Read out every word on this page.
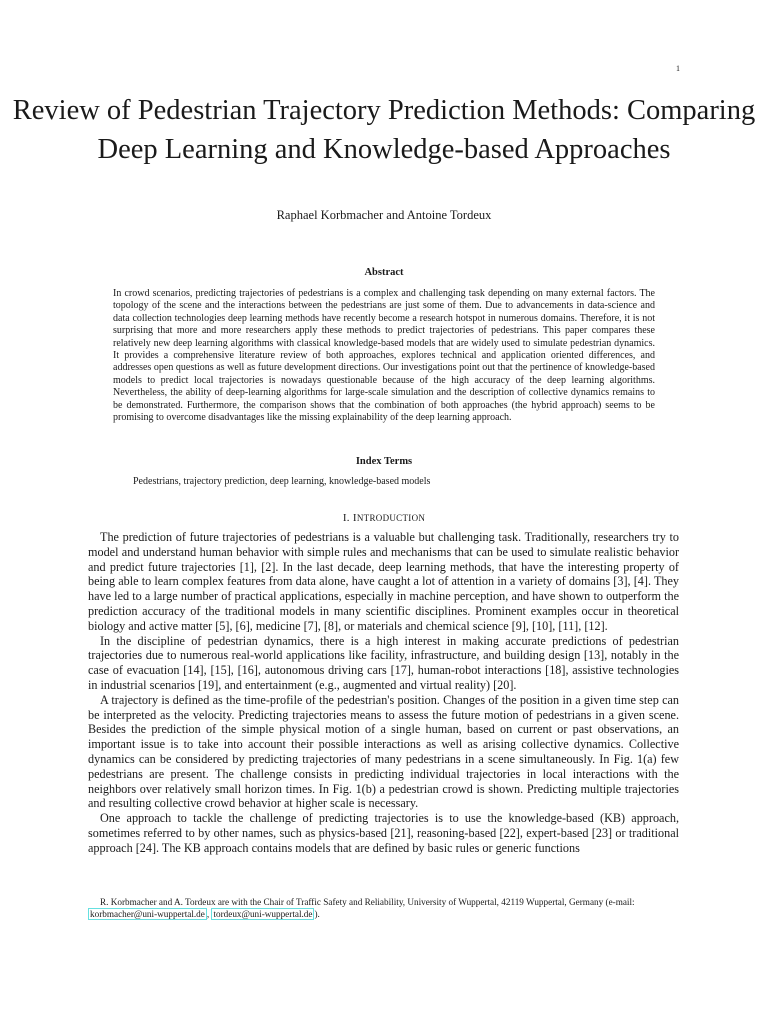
1
Review of Pedestrian Trajectory Prediction Methods: Comparing Deep Learning and Knowledge-based Approaches
Raphael Korbmacher and Antoine Tordeux
Abstract

In crowd scenarios, predicting trajectories of pedestrians is a complex and challenging task depending on many external factors. The topology of the scene and the interactions between the pedestrians are just some of them. Due to advancements in data-science and data collection technologies deep learning methods have recently become a research hotspot in numerous domains. Therefore, it is not surprising that more and more researchers apply these methods to predict trajectories of pedestrians. This paper compares these relatively new deep learning algorithms with classical knowledge-based models that are widely used to simulate pedestrian dynamics. It provides a comprehensive literature review of both approaches, explores technical and application oriented differences, and addresses open questions as well as future development directions. Our investigations point out that the pertinence of knowledge-based models to predict local trajectories is nowadays questionable because of the high accuracy of the deep learning algorithms. Nevertheless, the ability of deep-learning algorithms for large-scale simulation and the description of collective dynamics remains to be demonstrated. Furthermore, the comparison shows that the combination of both approaches (the hybrid approach) seems to be promising to overcome disadvantages like the missing explainability of the deep learning approach.

Index Terms

Pedestrians, trajectory prediction, deep learning, knowledge-based models

I. INTRODUCTION

The prediction of future trajectories of pedestrians is a valuable but challenging task. Traditionally, researchers try to model and understand human behavior with simple rules and mechanisms that can be used to simulate realistic behavior and predict future trajectories [1], [2]. In the last decade, deep learning methods, that have the interesting property of being able to learn complex features from data alone, have caught a lot of attention in a variety of domains [3], [4]. They have led to a large number of practical applications, especially in machine perception, and have shown to outperform the prediction accuracy of the traditional models in many scientific disciplines. Prominent examples occur in theoretical biology and active matter [5], [6], medicine [7], [8], or materials and chemical science [9], [10], [11], [12].

In the discipline of pedestrian dynamics, there is a high interest in making accurate predictions of pedestrian trajectories due to numerous real-world applications like facility, infrastructure, and building design [13], notably in the case of evacuation [14], [15], [16], autonomous driving cars [17], human-robot interactions [18], assistive technologies in industrial scenarios [19], and entertainment (e.g., augmented and virtual reality) [20].

A trajectory is defined as the time-profile of the pedestrian's position. Changes of the position in a given time step can be interpreted as the velocity. Predicting trajectories means to assess the future motion of pedestrians in a given scene. Besides the prediction of the simple physical motion of a single human, based on current or past observations, an important issue is to take into account their possible interactions as well as arising collective dynamics. Collective dynamics can be considered by predicting trajectories of many pedestrians in a scene simultaneously. In Fig. 1(a) few pedestrians are present. The challenge consists in predicting individual trajectories in local interactions with the neighbors over relatively small horizon times. In Fig. 1(b) a pedestrian crowd is shown. Predicting multiple trajectories and resulting collective crowd behavior at higher scale is necessary.

One approach to tackle the challenge of predicting trajectories is to use the knowledge-based (KB) approach, sometimes referred to by other names, such as physics-based [21], reasoning-based [22], expert-based [23] or traditional approach [24]. The KB approach contains models that are defined by basic rules or generic functions

R. Korbmacher and A. Tordeux are with the Chair of Traffic Safety and Reliability, University of Wuppertal, 42119 Wuppertal, Germany (e-mail: korbmacher@uni-wuppertal.de , tordeux@uni-wuppertal.de ).
